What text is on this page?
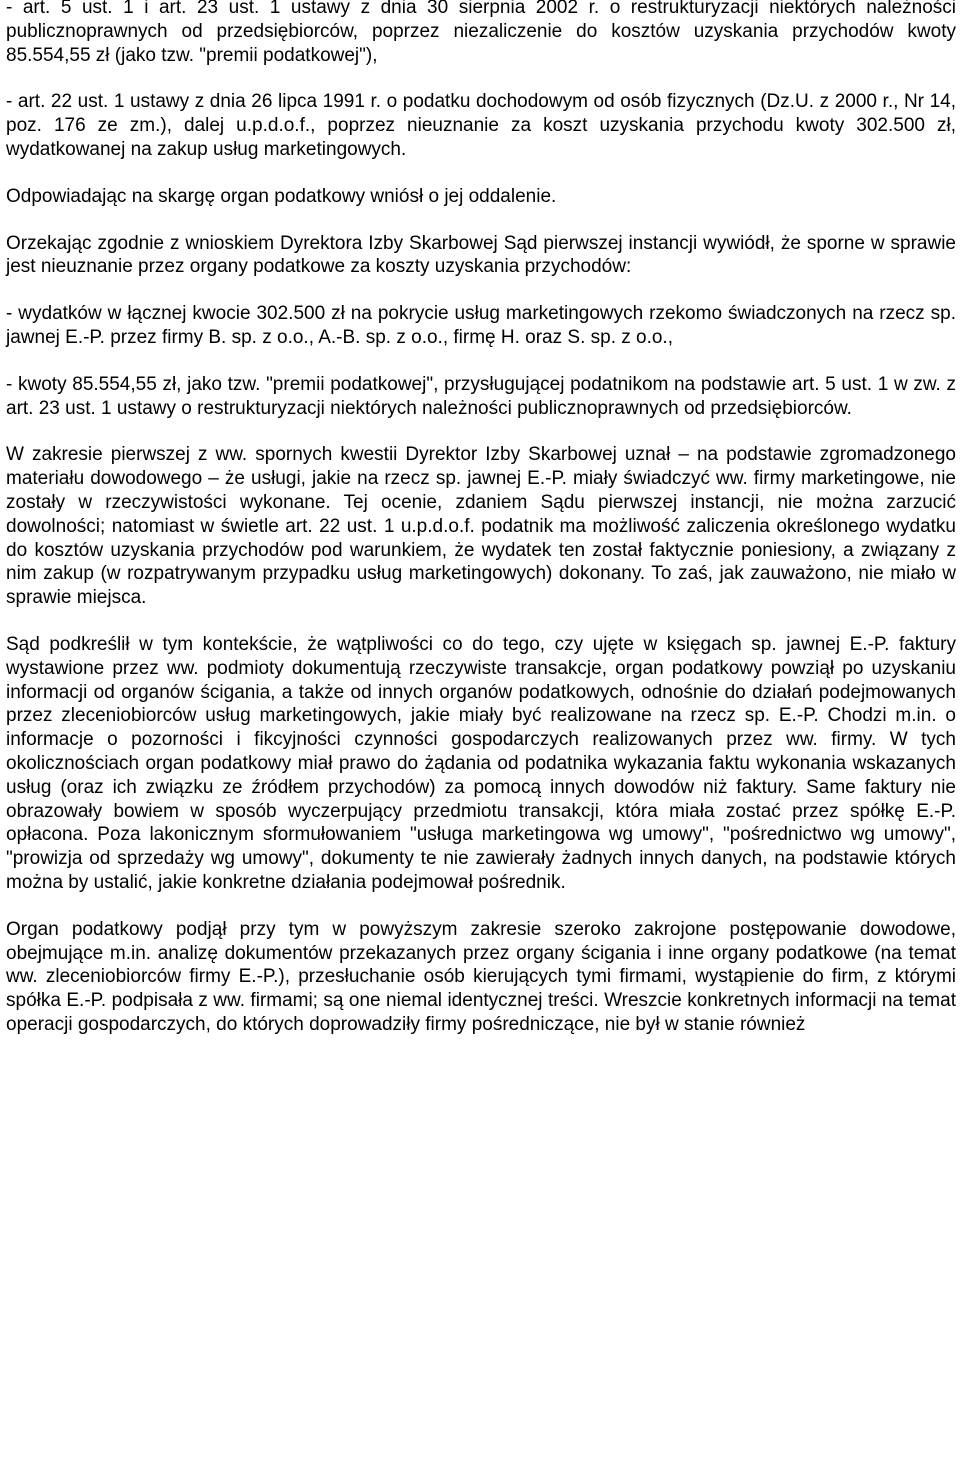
- art. 5 ust. 1 i art. 23 ust. 1 ustawy z dnia 30 sierpnia 2002 r. o restrukturyzacji niektórych należności publicznoprawnych od przedsiębiorców, poprzez niezaliczenie do kosztów uzyskania przychodów kwoty 85.554,55 zł (jako tzw. "premii podatkowej"),

- art. 22 ust. 1 ustawy z dnia 26 lipca 1991 r. o podatku dochodowym od osób fizycznych (Dz.U. z 2000 r., Nr 14, poz. 176 ze zm.), dalej u.p.d.o.f., poprzez nieuznanie za koszt uzyskania przychodu kwoty 302.500 zł, wydatkowanej na zakup usług marketingowych.

Odpowiadając na skargę organ podatkowy wniósł o jej oddalenie.

Orzekając zgodnie z wnioskiem Dyrektora Izby Skarbowej Sąd pierwszej instancji wywiódł, że sporne w sprawie jest nieuznanie przez organy podatkowe za koszty uzyskania przychodów:

- wydatków w łącznej kwocie 302.500 zł na pokrycie usług marketingowych rzekomo świadczonych na rzecz sp. jawnej E.-P. przez firmy B. sp. z o.o., A.-B. sp. z o.o., firmę H. oraz S. sp. z o.o.,

- kwoty 85.554,55 zł, jako tzw. "premii podatkowej", przysługującej podatnikom na podstawie art. 5 ust. 1 w zw. z art. 23 ust. 1 ustawy o restrukturyzacji niektórych należności publicznoprawnych od przedsiębiorców.

W zakresie pierwszej z ww. spornych kwestii Dyrektor Izby Skarbowej uznał – na podstawie zgromadzonego materiału dowodowego – że usługi, jakie na rzecz sp. jawnej E.-P. miały świadczyć ww. firmy marketingowe, nie zostały w rzeczywistości wykonane. Tej ocenie, zdaniem Sądu pierwszej instancji, nie można zarzucić dowolności; natomiast w świetle art. 22 ust. 1 u.p.d.o.f. podatnik ma możliwość zaliczenia określonego wydatku do kosztów uzyskania przychodów pod warunkiem, że wydatek ten został faktycznie poniesiony, a związany z nim zakup (w rozpatrywanym przypadku usług marketingowych) dokonany. To zaś, jak zauważono, nie miało w sprawie miejsca.

Sąd podkreślił w tym kontekście, że wątpliwości co do tego, czy ujęte w księgach sp. jawnej E.-P. faktury wystawione przez ww. podmioty dokumentują rzeczywiste transakcje, organ podatkowy powziął po uzyskaniu informacji od organów ścigania, a także od innych organów podatkowych, odnośnie do działań podejmowanych przez zleceniobiorców usług marketingowych, jakie miały być realizowane na rzecz sp. E.-P. Chodzi m.in. o informacje o pozorności i fikcyjności czynności gospodarczych realizowanych przez ww. firmy. W tych okolicznościach organ podatkowy miał prawo do żądania od podatnika wykazania faktu wykonania wskazanych usług (oraz ich związku ze źródłem przychodów) za pomocą innych dowodów niż faktury. Same faktury nie obrazowały bowiem w sposób wyczerpujący przedmiotu transakcji, która miała zostać przez spółkę E.-P. opłacona. Poza lakonicznym sformułowaniem "usługa marketingowa wg umowy", "pośrednictwo wg umowy", "prowizja od sprzedaży wg umowy", dokumenty te nie zawierały żadnych innych danych, na podstawie których można by ustalić, jakie konkretne działania podejmował pośrednik.

Organ podatkowy podjął przy tym w powyższym zakresie szeroko zakrojone postępowanie dowodowe, obejmujące m.in. analizę dokumentów przekazanych przez organy ścigania i inne organy podatkowe (na temat ww. zleceniobiorców firmy E.-P.), przesłuchanie osób kierujących tymi firmami, wystąpienie do firm, z którymi spółka E.-P. podpisała z ww. firmami; są one niemal identycznej treści. Wreszcie konkretnych informacji na temat operacji gospodarczych, do których doprowadziły firmy pośredniczące, nie był w stanie również
